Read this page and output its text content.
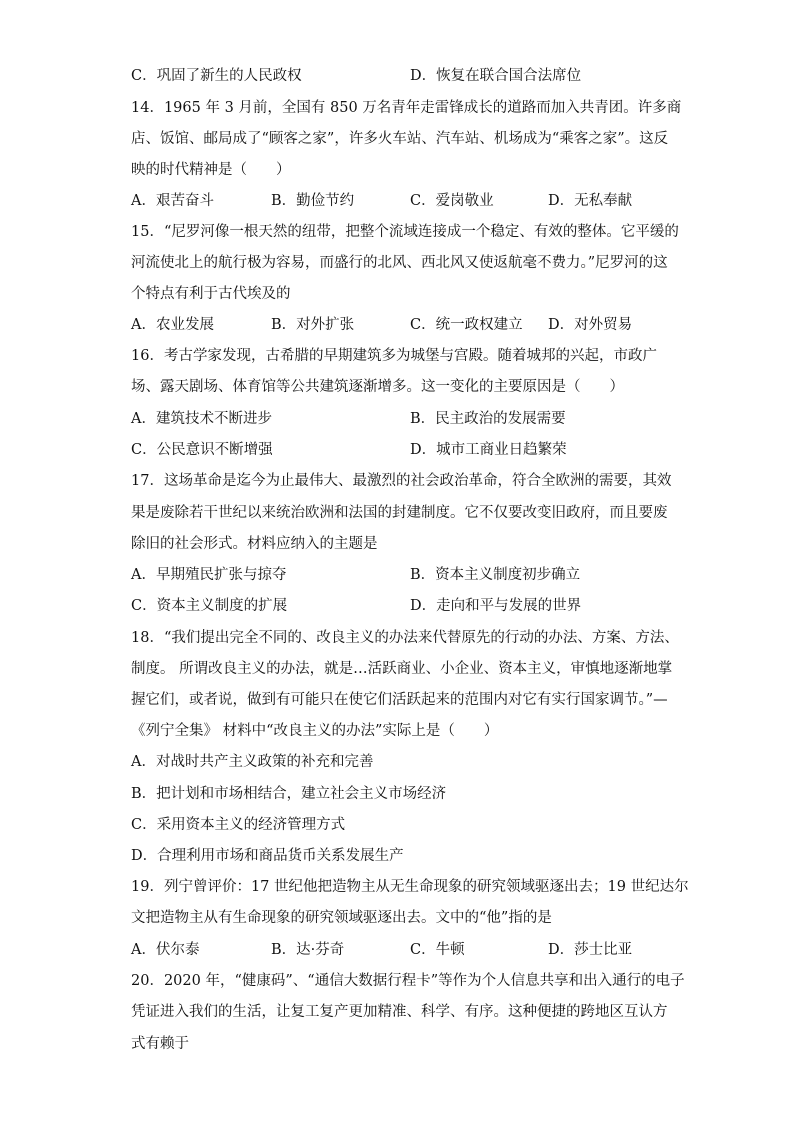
C．巩固了新生的人民政权	D．恢复在联合国合法席位
14．1965 年 3 月前，全国有 850 万名青年走雷锋成长的道路而加入共青团。许多商
店、饭馆、邮局成了“顾客之家”，许多火车站、汽车站、机场成为“乘客之家”。这反
映的时代精神是（　　）
A．艰苦奋斗	B．勤俭节约	C．爱岗敬业	D．无私奉献
15．“尼罗河像一根天然的纽带，把整个流域连接成一个稳定、有效的整体。它平缓的
河流使北上的航行极为容易，而盛行的北风、西北风又使返航毫不费力。”尼罗河的这
个特点有利于古代埃及的
A．农业发展	B．对外扩张	C．统一政权建立 D．对外贸易
16．考古学家发现，古希腊的早期建筑多为城堡与宫殿。随着城邦的兴起，市政广
场、露天剧场、体育馆等公共建筑逐渐增多。这一变化的主要原因是（　　）
A．建筑技术不断进步	B．民主政治的发展需要
C．公民意识不断增强	D．城市工商业日趋繁荣
17．这场革命是迄今为止最伟大、最激烈的社会政治革命，符合全欧洲的需要，其效
果是废除若干世纪以来统治欧洲和法国的封建制度。它不仅要改变旧政府，而且要废
除旧的社会形式。材料应纳入的主题是
A．早期殖民扩张与掠夺	B．资本主义制度初步确立
C．资本主义制度的扩展	D．走向和平与发展的世界
18．“我们提出完全不同的、改良主义的办法来代替原先的行动的办法、方案、方法、
制度。 所谓改良主义的办法，就是…活跃商业、小企业、资本主义，审慎地逐渐地掌
握它们，或者说，做到有可能只在使它们活跃起来的范围内对它有实行国家调节。”—
《列宁全集》 材料中“改良主义的办法”实际上是（　　）
A．对战时共产主义政策的补充和完善
B．把计划和市场相结合，建立社会主义市场经济
C．采用资本主义的经济管理方式
D．合理利用市场和商品货币关系发展生产
19．列宁曾评价：17 世纪他把造物主从无生命现象的研究领域驱逐出去；19 世纪达尔
文把造物主从有生命现象的研究领域驱逐出去。文中的“他”指的是
A．伏尔泰	B．达·芬奇	C．牛顿	D．莎士比亚
20．2020 年，“健康码”、“通信大数据行程卡”等作为个人信息共享和出入通行的电子
凭证进入我们的生活，让复工复产更加精准、科学、有序。这种便捷的跨地区互认方
式有赖于
